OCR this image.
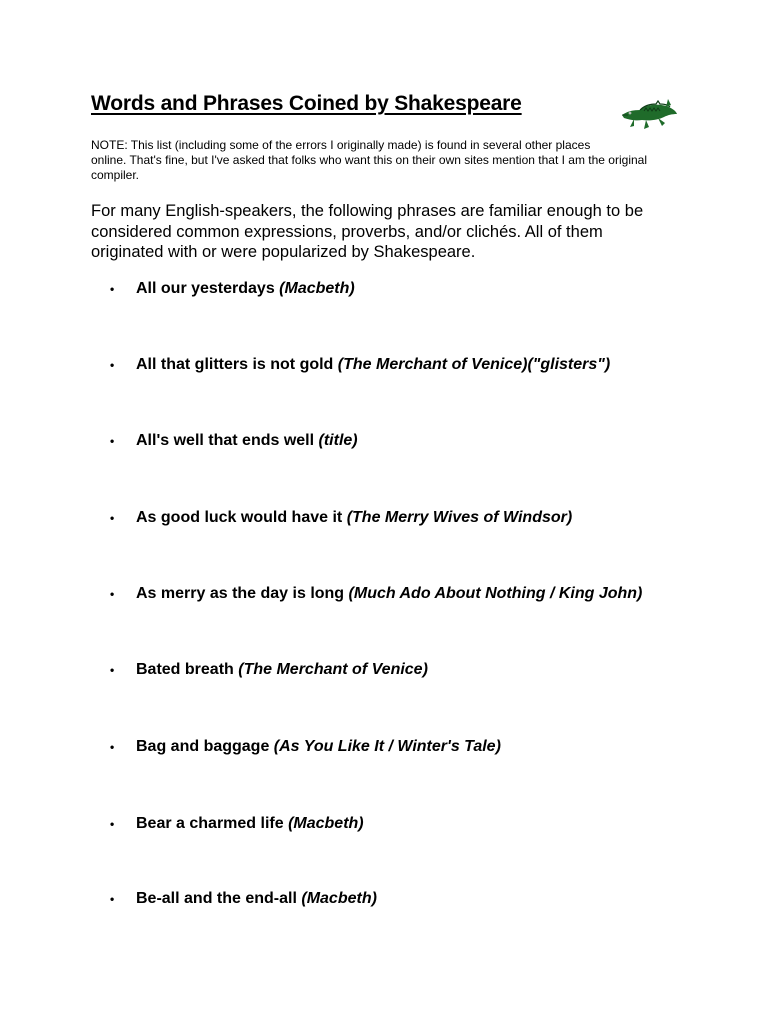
Words and Phrases Coined by Shakespeare
NOTE: This list (including some of the errors I originally made) is found in several other places
online. That's fine, but I've asked that folks who want this on their own sites mention that I am the original
compiler.
For many English-speakers, the following phrases are familiar enough to be
considered common expressions, proverbs, and/or clichés. All of them
originated with or were popularized by Shakespeare.
• All our yesterdays (Macbeth)
• All that glitters is not gold (The Merchant of Venice)("glisters")
• All's well that ends well (title)
• As good luck would have it (The Merry Wives of Windsor)
• As merry as the day is long (Much Ado About Nothing / King John)
• Bated breath (The Merchant of Venice)
• Bag and baggage (As You Like It / Winter's Tale)
• Bear a charmed life (Macbeth)
• Be-all and the end-all (Macbeth)
